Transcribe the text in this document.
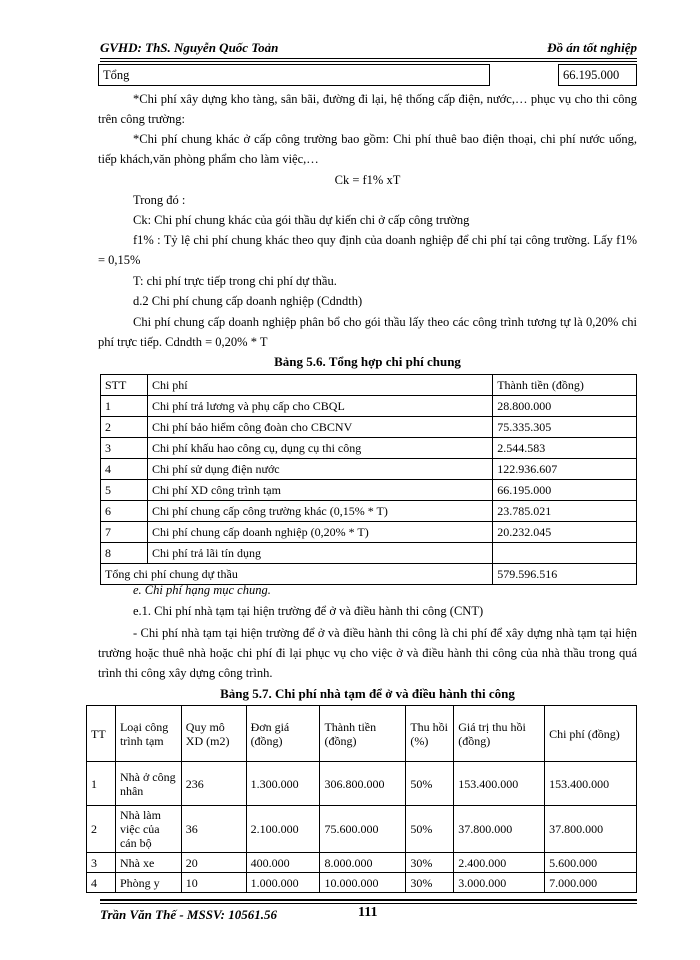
GVHD: ThS. Nguyễn Quốc Toản	Đồ án tốt nghiệp
Tổng	66.195.000
*Chi phí xây dựng kho tàng, sân bãi, đường đi lại, hệ thống cấp điện, nước,… phục vụ cho thi công trên công trường:
*Chi phí chung khác ở cấp công trường bao gồm: Chi phí thuê bao điện thoại, chi phí nước uống, tiếp khách,văn phòng phẩm cho làm việc,…
Ck = f1% xT
Trong đó :
Ck: Chi phí chung khác của gói thầu dự kiến chi ở cấp công trường
f1% : Tỷ lệ chi phí chung khác theo quy định của doanh nghiệp để chi phí tại công trường. Lấy f1% = 0,15%
T: chi phí trực tiếp trong chi phí dự thầu.
d.2 Chi phí chung cấp doanh nghiệp (Cdndth)
Chi phí chung cấp doanh nghiệp phân bổ cho gói thầu lấy theo các công trình tương tự là 0,20% chi phí trực tiếp. Cdndth = 0,20% * T
Bảng 5.6. Tổng hợp chi phí chung
STT	Chi phí	Thành tiền (đồng)
1	Chi phí trả lương và phụ cấp cho CBQL	28.800.000
2	Chi phí bảo hiểm công đoàn cho CBCNV	75.335.305
3	Chi phí khấu hao công cụ, dụng cụ thi công	2.544.583
4	Chi phí sử dụng điện nước	122.936.607
5	Chi phí XD công trình tạm	66.195.000
6	Chi phí chung cấp công trường khác (0,15% * T)	23.785.021
7	Chi phí chung cấp doanh nghiệp (0,20% * T)	20.232.045
8	Chi phí trả lãi tín dụng	
Tổng chi phí chung dự thầu		579.596.516
e. Chi phí hạng mục chung.
e.1. Chi phí nhà tạm tại hiện trường để ở và điều hành thi công (CNT)
- Chi phí nhà tạm tại hiện trường để ở và điều hành thi công là chi phí để xây dựng nhà tạm tại hiện trường hoặc thuê nhà hoặc chi phí đi lại phục vụ cho việc ở và điều hành thi công của nhà thầu trong quá trình thi công xây dựng công trình.
Bảng 5.7. Chi phí nhà tạm để ở và điều hành thi công
TT	Loại công trình tạm	Quy mô XD (m2)	Đơn giá (đồng)	Thành tiền (đồng)	Thu hồi (%)	Giá trị thu hồi (đồng)	Chi phí (đồng)
1	Nhà ở công nhân	236	1.300.000	306.800.000	50%	153.400.000	153.400.000
2	Nhà làm việc của cán bộ	36	2.100.000	75.600.000	50%	37.800.000	37.800.000
3	Nhà xe	20	400.000	8.000.000	30%	2.400.000	5.600.000
4	Phòng y	10	1.000.000	10.000.000	30%	3.000.000	7.000.000
Trần Văn Thế - MSSV: 10561.56	111
